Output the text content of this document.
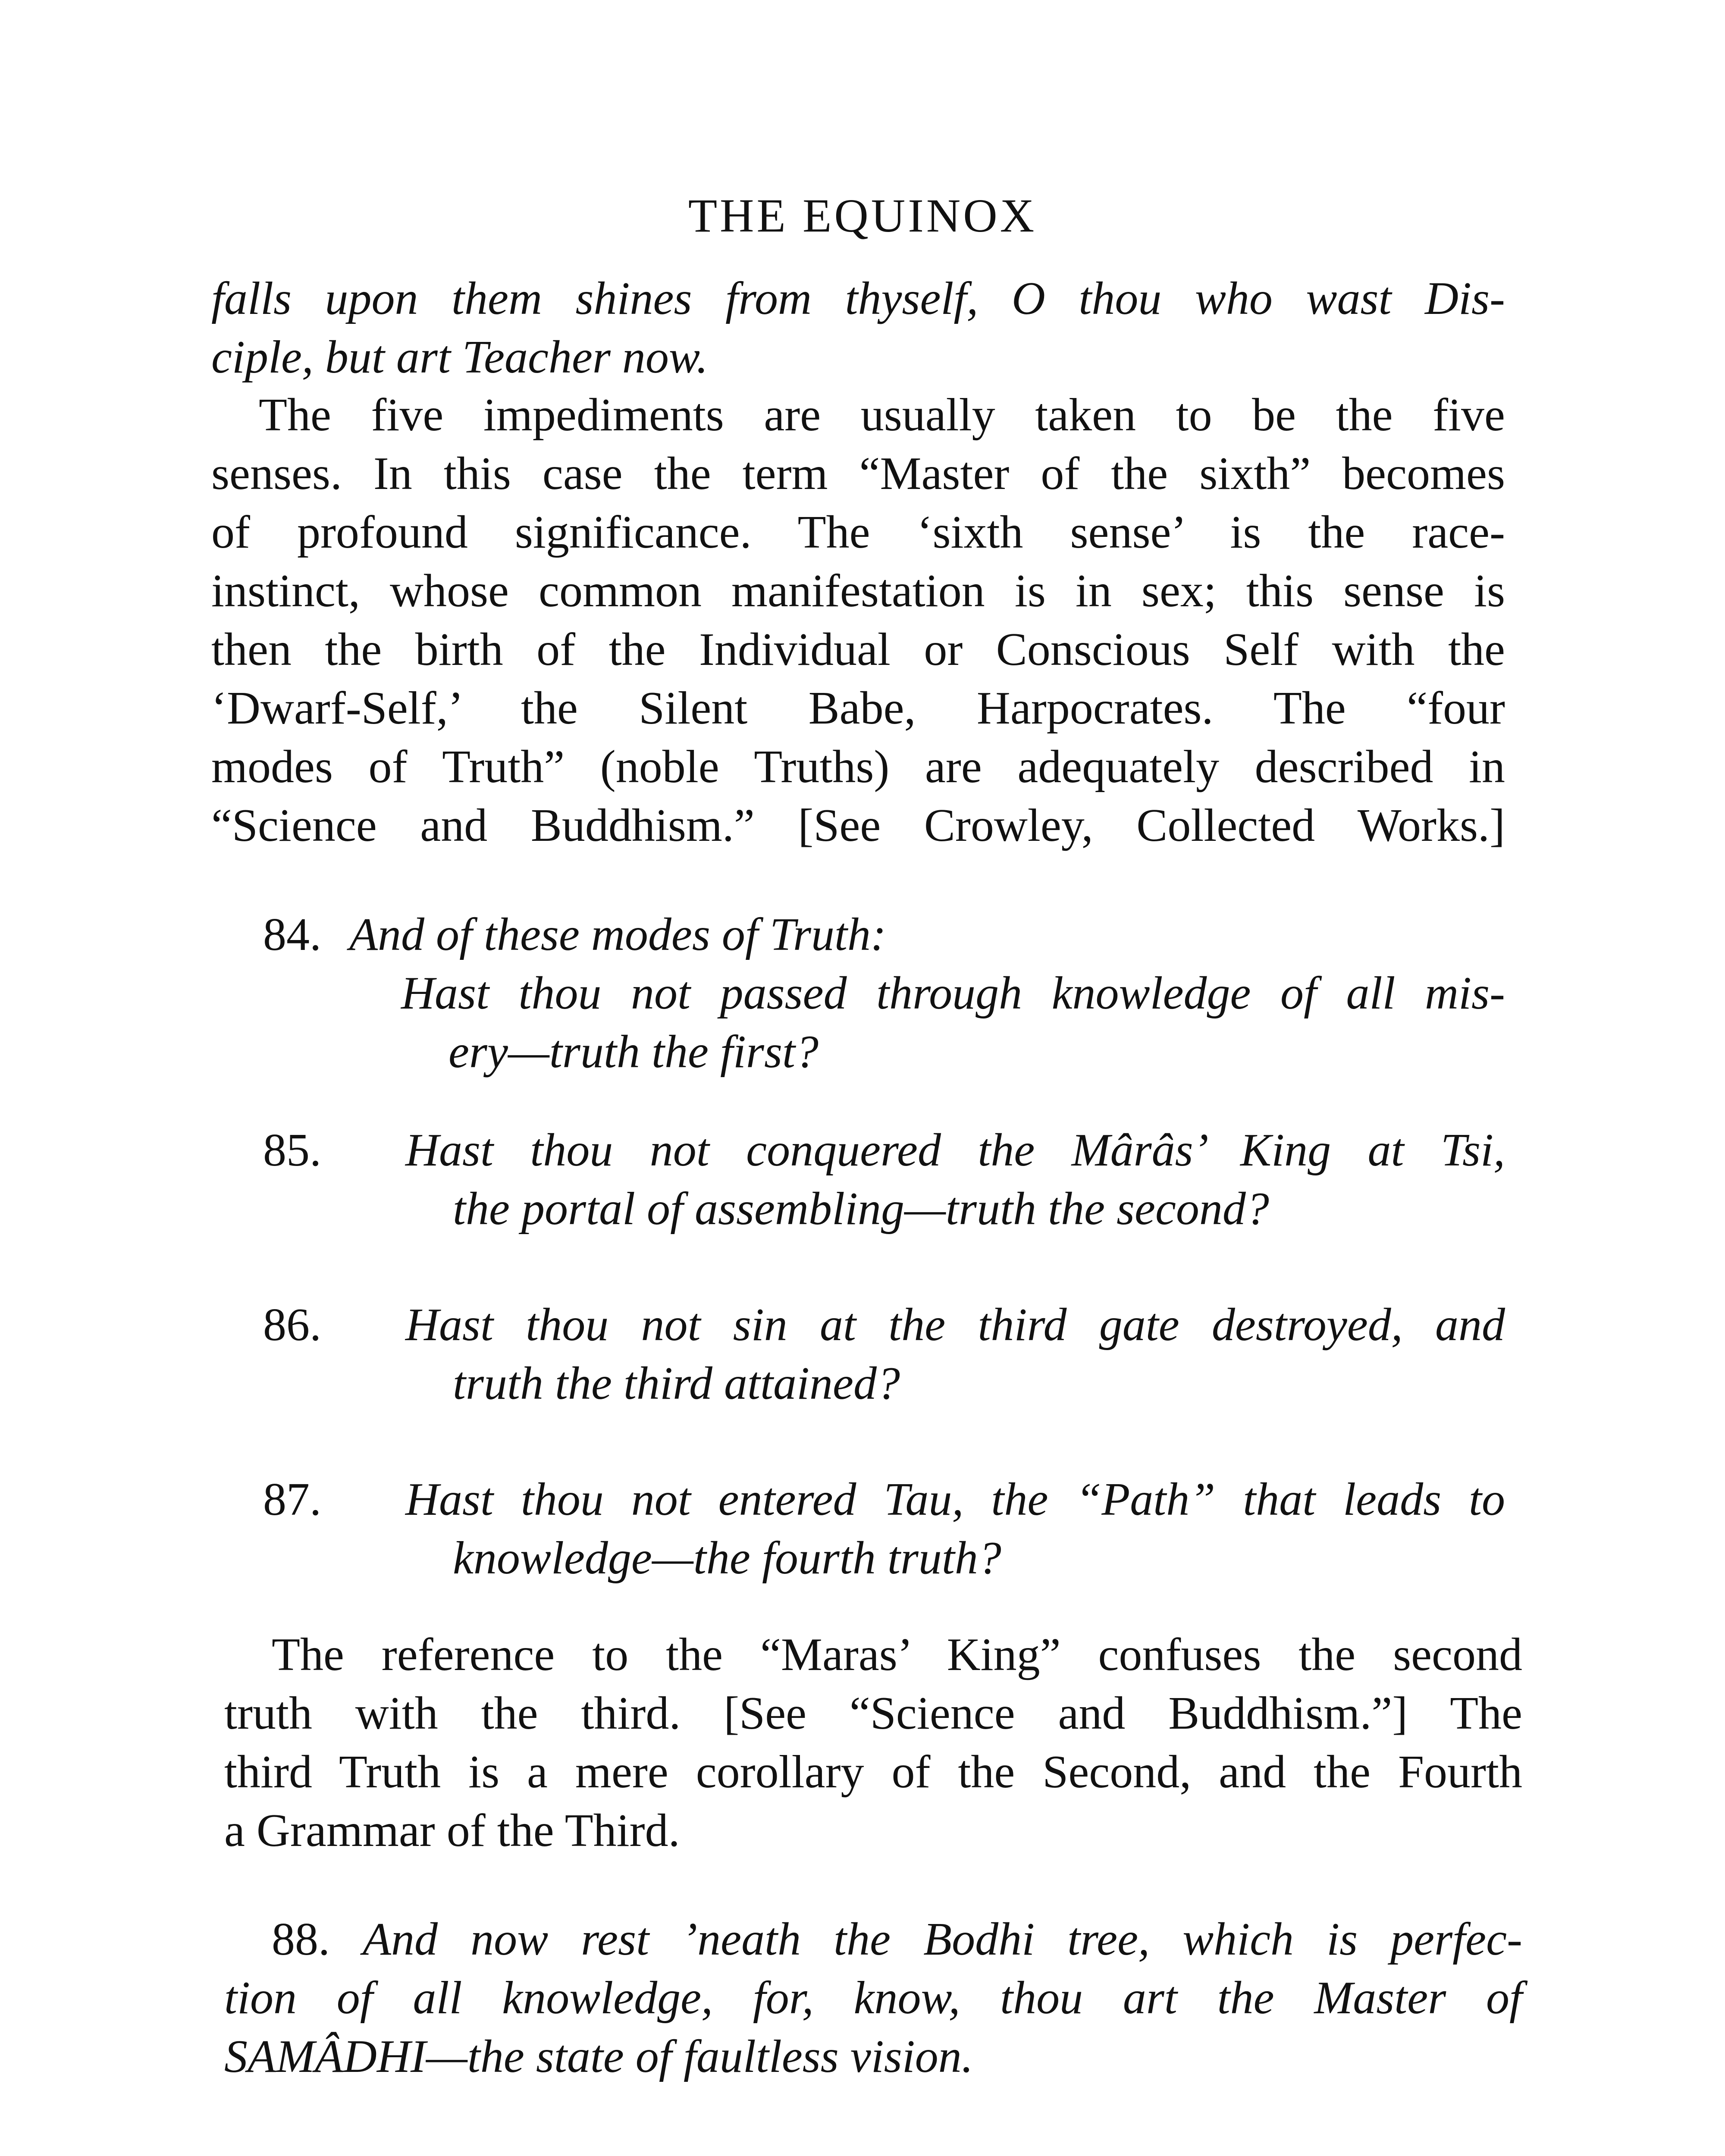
THE EQUINOX
falls upon them shines from thyself, O thou who wast Dis-
ciple, but art Teacher now.
The five impediments are usually taken to be the five
senses. In this case the term “Master of the sixth” becomes
of profound significance. The ‘sixth sense’ is the race-
instinct, whose common manifestation is in sex; this sense is
then the birth of the Individual or Conscious Self with the
‘Dwarf-Self,’ the Silent Babe, Harpocrates. The “four
modes of Truth” (noble Truths) are adequately described in
“Science and Buddhism.” [See Crowley, Collected Works.]
84. And of these modes of Truth:
Hast thou not passed through knowledge of all mis-
ery—truth the first?
85. Hast thou not conquered the Mârâs’ King at Tsi,
the portal of assembling—truth the second?
86. Hast thou not sin at the third gate destroyed, and
truth the third attained?
87. Hast thou not entered Tau, the “Path” that leads to
knowledge—the fourth truth?
The reference to the “Maras’ King” confuses the second
truth with the third. [See “Science and Buddhism.”] The
third Truth is a mere corollary of the Second, and the Fourth
a Grammar of the Third.
88. And now rest ’neath the Bodhi tree, which is perfec-
tion of all knowledge, for, know, thou art the Master of
SAMÂDHI—the state of faultless vision.
